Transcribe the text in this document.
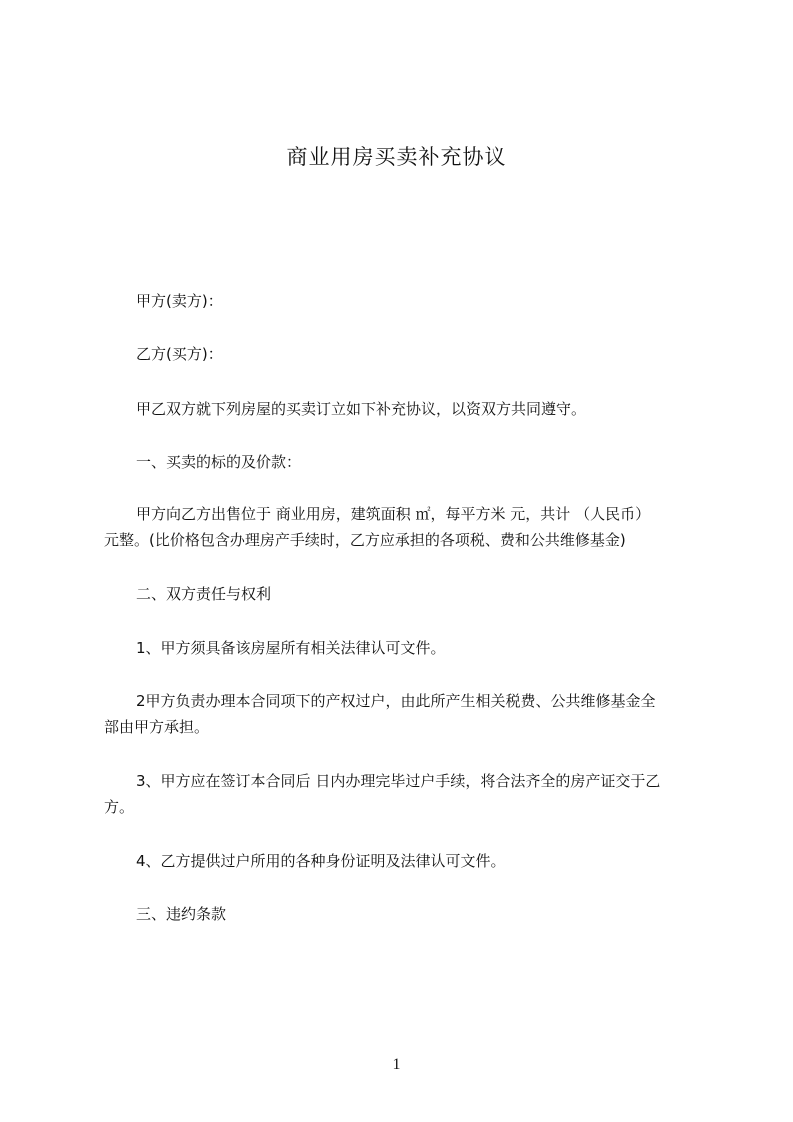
商业用房买卖补充协议

甲方(卖方)：

乙方(买方)：

甲乙双方就下列房屋的买卖订立如下补充协议，以资双方共同遵守。

一、买卖的标的及价款：

甲方向乙方出售位于 商业用房，建筑面积 ㎡，每平方米 元，共计 （人民币）
元整。(比价格包含办理房产手续时，乙方应承担的各项税、费和公共维修基金)

二、双方责任与权利

1、甲方须具备该房屋所有相关法律认可文件。

2甲方负责办理本合同项下的产权过户，由此所产生相关税费、公共维修基金全
部由甲方承担。
3、甲方应在签订本合同后 日内办理完毕过户手续，将合法齐全的房产证交于乙
方。

4、乙方提供过户所用的各种身份证明及法律认可文件。

三、违约条款

1
